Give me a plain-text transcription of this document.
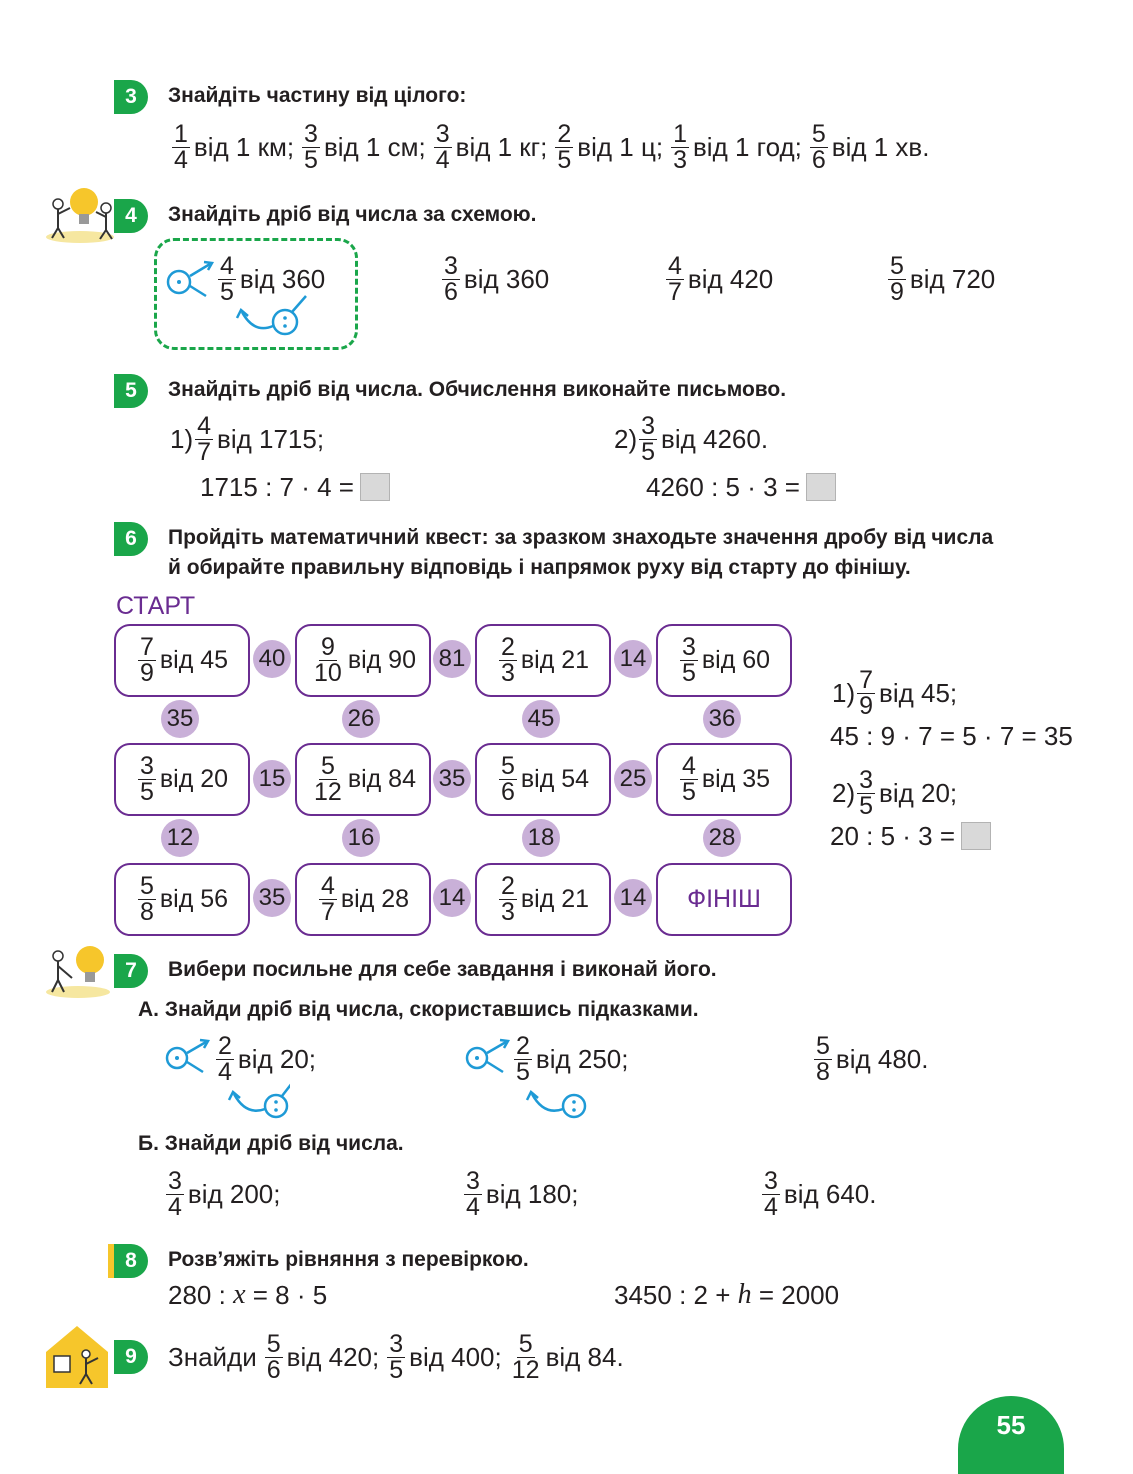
3	Знайдіть частину від цілого:
$\frac{1}{4}$ від 1 км; $\frac{3}{5}$ від 1 см; $\frac{3}{4}$ від 1 кг; $\frac{2}{5}$ від 1 ц; $\frac{1}{3}$ від 1 год; $\frac{5}{6}$ від 1 хв.
4	Знайдіть дріб від числа за схемою.
$\frac{4}{5}$ від 360	$\frac{3}{6}$ від 360	$\frac{4}{7}$ від 420	$\frac{5}{9}$ від 720
5	Знайдіть дріб від числа. Обчислення виконайте письмово.
$1) \frac{4}{7}$ від 1715;
1715 : 7 · 4 =
$2) \frac{3}{5}$ від 4260.
4260 : 5 · 3 =
6	Пройдіть математичний квест: за зразком знаходьте значення дробу від числа
й обирайте правильну відповідь і напрямок руху від старту до фінішу.
СТАРТ
$\frac{7}{9}$ від 45	$\frac{9}{10}$ від 90	$\frac{2}{3}$ від 21	$\frac{3}{5}$ від 60
40	81	14
35	26	45	36
$\frac{3}{5}$ від 20	$\frac{5}{12}$ від 84	$\frac{5}{6}$ від 54	$\frac{4}{5}$ від 35
15	35	25
12	16	18	28
$\frac{5}{8}$ від 56	$\frac{4}{7}$ від 28	$\frac{2}{3}$ від 21	ФІНІШ
35	14	14
$1) \frac{7}{9}$ від 45;
45 : 9 · 7 = 5 · 7 = 35
$2) \frac{3}{5}$ від 20;
20 : 5 · 3 =
7	Вибери посильне для себе завдання і виконай його.
А. Знайди дріб від числа, скориставшись підказками.
$\frac{2}{4}$ від 20;	$\frac{2}{5}$ від 250;	$\frac{5}{8}$ від 480.
Б. Знайди дріб від числа.
$\frac{3}{4}$ від 200;	$\frac{3}{4}$ від 180;	$\frac{3}{4}$ від 640.
8	Розв’яжіть рівняння з перевіркою.
280 : x = 8 · 5	3450 : 2 + h = 2000
9	Знайди $\frac{5}{6}$ від 420; $\frac{3}{5}$ від 400; $\frac{5}{12}$ від 84.
55
